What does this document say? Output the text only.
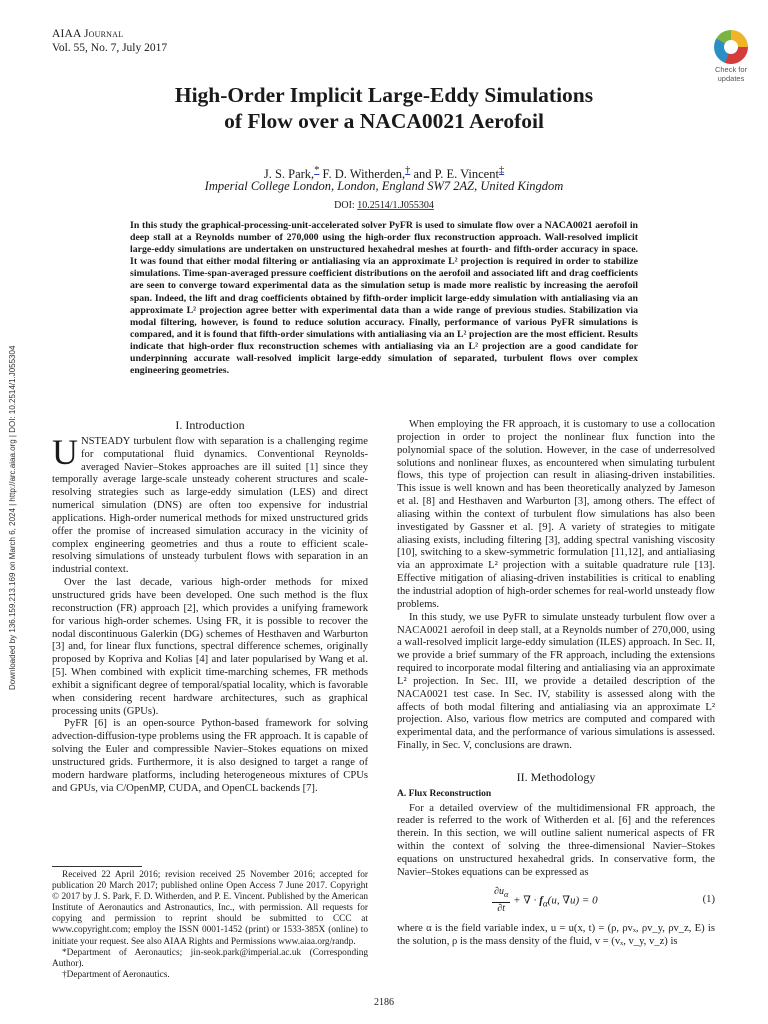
AIAA Journal
Vol. 55, No. 7, July 2017
Check for
updates
High-Order Implicit Large-Eddy Simulations
of Flow over a NACA0021 Aerofoil
J. S. Park,* F. D. Witherden,† and P. E. Vincent‡
Imperial College London, London, England SW7 2AZ, United Kingdom
DOI: 10.2514/1.J055304
In this study the graphical-processing-unit-accelerated solver PyFR is used to simulate flow over a NACA0021 aerofoil in deep stall at a Reynolds number of 270,000 using the high-order flux reconstruction approach. Wall-resolved implicit large-eddy simulations are undertaken on unstructured hexahedral meshes at fourth- and fifth-order accuracy in space. It was found that either modal filtering or antialiasing via an approximate L² projection is required in order to stabilize simulations. Time-span-averaged pressure coefficient distributions on the aerofoil and associated lift and drag coefficients are seen to converge toward experimental data as the simulation setup is made more realistic by increasing the aerofoil span. Indeed, the lift and drag coefficients obtained by fifth-order implicit large-eddy simulation with antialiasing via an approximate L² projection agree better with experimental data than a wide range of previous studies. Stabilization via modal filtering, however, is found to reduce solution accuracy. Finally, performance of various PyFR simulations is compared, and it is found that fifth-order simulations with antialiasing via an L² projection are the most efficient. Results indicate that high-order flux reconstruction schemes with antialiasing via an L² projection are a good candidate for underpinning accurate wall-resolved implicit large-eddy simulation of separated, turbulent flows over complex engineering geometries.
Downloaded by 136.159.213.169 on March 6, 2024 | http://arc.aiaa.org | DOI: 10.2514/1.J055304	I. Introduction

UNSTEADY turbulent flow with separation is a challenging regime for computational fluid dynamics. Conventional Reynolds-averaged Navier–Stokes approaches are ill suited [1] since they temporally average large-scale unsteady coherent structures and scale-resolving strategies such as large-eddy simulation (LES) and direct numerical simulation (DNS) are often too expensive for industrial applications. High-order numerical methods for mixed unstructured grids offer the promise of increased simulation accuracy in the vicinity of complex engineering geometries and thus a route to efficient scale-resolving simulations of unsteady turbulent flows with separation in an industrial context.

Over the last decade, various high-order methods for mixed unstructured grids have been developed. One such method is the flux reconstruction (FR) approach [2], which provides a unifying framework for various high-order schemes. Using FR, it is possible to recover the nodal discontinuous Galerkin (DG) schemes of Hesthaven and Warburton [3] and, for linear flux functions, spectral difference schemes, originally proposed by Kopriva and Kolias [4] and later popularised by Wang et al. [5]. When combined with explicit time-marching schemes, FR methods exhibit a significant degree of temporal/spatial locality, which is favorable when considering recent hardware architectures, such as graphical processing units (GPUs).

PyFR [6] is an open-source Python-based framework for solving advection-diffusion-type problems using the FR approach. It is capable of solving the Euler and compressible Navier–Stokes equations on mixed unstructured grids. Furthermore, it is also designed to target a range of modern hardware platforms, including heterogeneous mixtures of CPUs and GPUs, via C/OpenMP, CUDA, and OpenCL backends [7].

When employing the FR approach, it is customary to use a collocation projection in order to project the nonlinear flux function into the polynomial space of the solution. However, in the case of underresolved solutions and nonlinear fluxes, as encountered when simulating turbulent flows, this type of projection can result in aliasing-driven instabilities. This issue is well known and has been theoretically analyzed by Jameson et al. [8] and Hesthaven and Warburton [3], among others. The effect of aliasing within the context of turbulent flow simulations has also been investigated by Gassner et al. [9]. A variety of strategies to mitigate aliasing exists, including filtering [3], adding spectral vanishing viscosity [10], switching to a skew-symmetric formulation [11,12], and antialiasing via an approximate L² projection with a suitable quadrature rule [13]. Effective mitigation of aliasing-driven instabilities is critical to enabling the industrial adoption of high-order schemes for real-world unsteady flow problems.

In this study, we use PyFR to simulate unsteady turbulent flow over a NACA0021 aerofoil in deep stall, at a Reynolds number of 270,000, using a wall-resolved implicit large-eddy simulation (ILES) approach. In Sec. II, we provide a brief summary of the FR approach, including the extensions required to incorporate modal filtering and antialiasing via an approximate L² projection. In Sec. III, we provide a detailed description of the NACA0021 test case. In Sec. IV, stability is assessed along with the affects of both modal filtering and antialiasing via an approximate L² projection. Also, various flow metrics are computed and compared with experimental data, and the performance of various simulations is assessed. Finally, in Sec. V, conclusions are drawn.

II. Methodology
A. Flux Reconstruction

For a detailed overview of the multidimensional FR approach, the reader is referred to the work of Witherden et al. [6] and the references therein. In this section, we will outline salient numerical aspects of FR within the context of solving the three-dimensional Navier–Stokes equations on unstructured hexahedral grids. In conservative form, the Navier–Stokes equations can be expressed as

$\frac{\partial u_\alpha}{\partial t}$ + ∇ · $f_\alpha(u$, ∇u) = 0	(1)

where α is the field variable index, u = u(x, t) = (ρ, ρvₓ, ρv_y, ρv_z, E) is the solution, ρ is the mass density of the fluid, v = (vₓ, v_y, v_z) is

Received 22 April 2016; revision received 25 November 2016; accepted for publication 20 March 2017; published online Open Access 7 June 2017. Copyright © 2017 by J. S. Park, F. D. Witherden, and P. E. Vincent. Published by the American Institute of Aeronautics and Astronautics, Inc., with permission. All requests for copying and permission to reprint should be submitted to CCC at www.copyright.com; employ the ISSN 0001-1452 (print) or 1533-385X (online) to initiate your request. See also AIAA Rights and Permissions www.aiaa.org/randp.

*Department of Aeronautics; jin-seok.park@imperial.ac.uk (Corresponding Author).

†Department of Aeronautics.

2186
